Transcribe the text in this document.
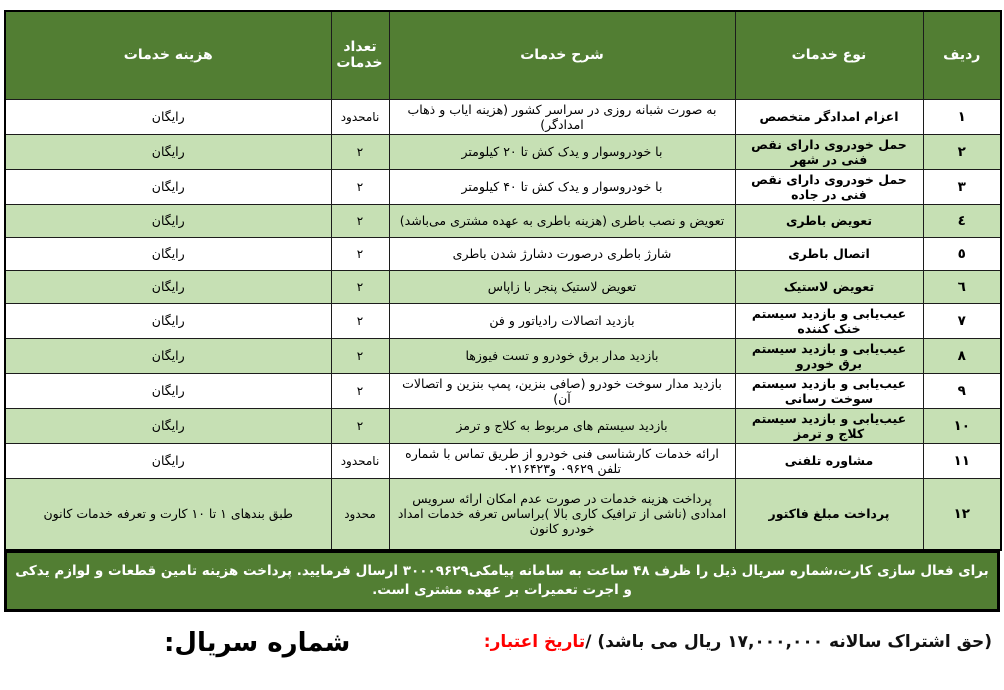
ردیف	نوع خدمات	شرح خدمات	تعداد خدمات	هزینه خدمات
۱	اعزام امدادگر متخصص	به صورت شبانه روزی در سراسر کشور (هزینه ایاب و ذهاب امدادگر)	نامحدود	رایگان
۲	حمل خودروی دارای نقص فنی در شهر	با خودروسوار و یدک کش تا ۲۰ کیلومتر	۲	رایگان
۳	حمل خودروی دارای نقص فنی در جاده	با خودروسوار و یدک کش تا ۴۰ کیلومتر	۲	رایگان
٤	تعویض باطری	تعویض و نصب باطری (هزینه باطری به عهده مشتری می‌باشد)	۲	رایگان
٥	اتصال باطری	شارژ باطری درصورت دشارژ شدن باطری	۲	رایگان
٦	تعویض لاستیک	تعویض لاستیک پنجر با زاپاس	۲	رایگان
۷	عیب‌یابی و بازدید سیستم خنک کننده	بازدید اتصالات رادیاتور و فن	۲	رایگان
۸	عیب‌یابی و بازدید سیستم برق خودرو	بازدید مدار برق خودرو و تست فیوزها	۲	رایگان
۹	عیب‌یابی و بازدید سیستم سوخت رسانی	بازدید مدار سوخت خودرو (صافی بنزین، پمپ بنزین و اتصالات آن)	۲	رایگان
۱۰	عیب‌یابی و بازدید سیستم کلاج و ترمز	بازدید سیستم های مربوط به کلاج و ترمز	۲	رایگان
۱۱	مشاوره تلفنی	ارائه خدمات کارشناسی فنی خودرو از طریق تماس با شماره تلفن ۰۹۶۲۹ و۰۲۱۶۴۲۳	نامحدود	رایگان
۱۲	پرداخت مبلغ فاکتور	پرداخت هزینه خدمات در صورت عدم امکان ارائه سرویس امدادی (ناشی از ترافیک کاری بالا )براساس تعرفه خدمات امداد خودرو کانون	محدود	طبق بندهای ۱ تا ۱۰ کارت و تعرفه خدمات کانون
برای فعال سازی کارت،شماره سریال ذیل را ظرف ۴۸ ساعت به سامانه پیامکی۳۰۰۰۹۶۲۹ ارسال فرمایید. پرداخت هزینه تامین قطعات و لوازم یدکی و اجرت تعمیرات بر عهده مشتری است.
(حق اشتراک سالانه ۱۷,۰۰۰,۰۰۰ ریال می باشد) /تاریخ اعتبار:
شماره سریال:
